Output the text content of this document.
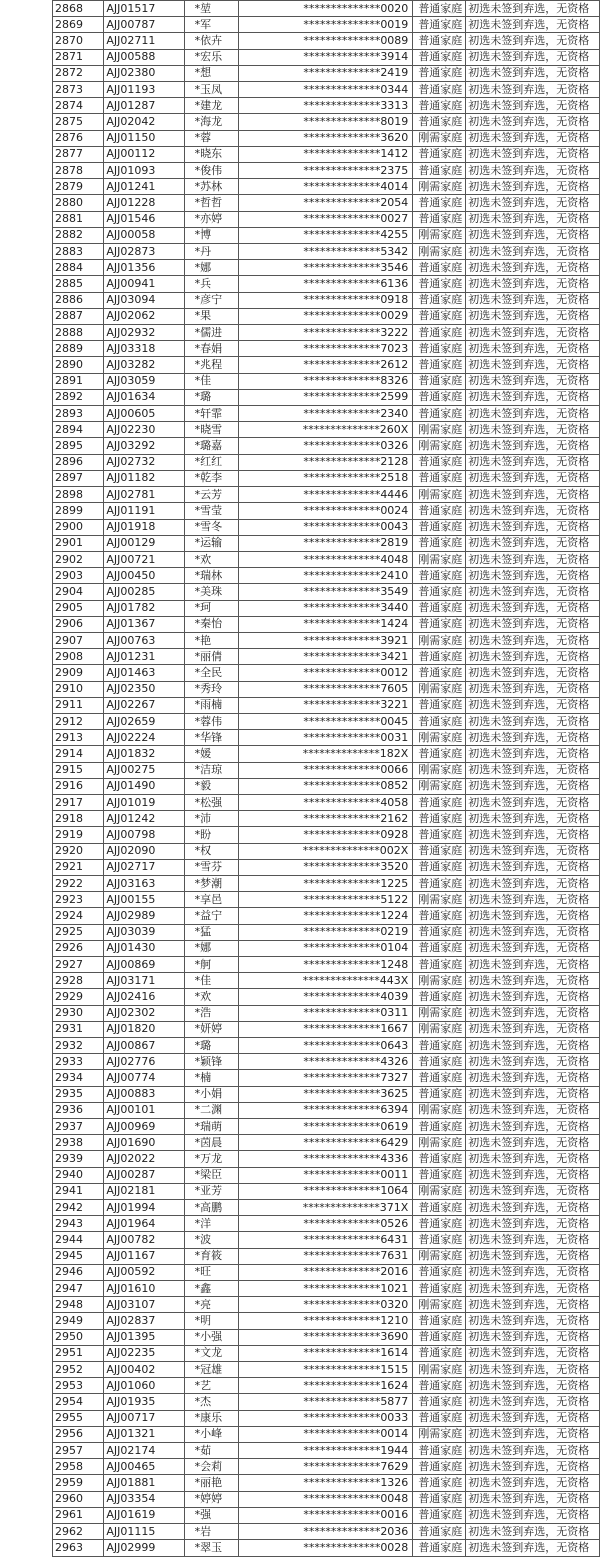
2868	AJJ01517	*堃	**************0020	普通家庭	初选未签到弃选，无资格
2869	AJJ00787	*军	**************0019	普通家庭	初选未签到弃选，无资格
2870	AJJ02711	*依卉	**************0089	普通家庭	初选未签到弃选，无资格
2871	AJJ00588	*宏乐	**************3914	普通家庭	初选未签到弃选，无资格
2872	AJJ02380	*想	**************2419	普通家庭	初选未签到弃选，无资格
2873	AJJ01193	*玉凤	**************0344	普通家庭	初选未签到弃选，无资格
2874	AJJ01287	*建龙	**************3313	普通家庭	初选未签到弃选，无资格
2875	AJJ02042	*海龙	**************8019	普通家庭	初选未签到弃选，无资格
2876	AJJ01150	*蓉	**************3620	刚需家庭	初选未签到弃选，无资格
2877	AJJ00112	*晓东	**************1412	普通家庭	初选未签到弃选，无资格
2878	AJJ01093	*俊伟	**************2375	普通家庭	初选未签到弃选，无资格
2879	AJJ01241	*苏林	**************4014	刚需家庭	初选未签到弃选，无资格
2880	AJJ01228	*哲哲	**************2054	普通家庭	初选未签到弃选，无资格
2881	AJJ01546	*亦婷	**************0027	普通家庭	初选未签到弃选，无资格
2882	AJJ00058	*博	**************4255	刚需家庭	初选未签到弃选，无资格
2883	AJJ02873	*丹	**************5342	刚需家庭	初选未签到弃选，无资格
2884	AJJ01356	*娜	**************3546	普通家庭	初选未签到弃选，无资格
2885	AJJ00941	*兵	**************6136	普通家庭	初选未签到弃选，无资格
2886	AJJ03094	*彦宁	**************0918	普通家庭	初选未签到弃选，无资格
2887	AJJ02062	*果	**************0029	普通家庭	初选未签到弃选，无资格
2888	AJJ02932	*儒进	**************3222	普通家庭	初选未签到弃选，无资格
2889	AJJ03318	*春娟	**************7023	普通家庭	初选未签到弃选，无资格
2890	AJJ03282	*兆程	**************2612	普通家庭	初选未签到弃选，无资格
2891	AJJ03059	*佳	**************8326	普通家庭	初选未签到弃选，无资格
2892	AJJ01634	*璐	**************2599	普通家庭	初选未签到弃选，无资格
2893	AJJ00605	*轩霏	**************2340	普通家庭	初选未签到弃选，无资格
2894	AJJ02230	*晓雪	**************260X	刚需家庭	初选未签到弃选，无资格
2895	AJJ03292	*璐嘉	**************0326	刚需家庭	初选未签到弃选，无资格
2896	AJJ02732	*红红	**************2128	普通家庭	初选未签到弃选，无资格
2897	AJJ01182	*乾李	**************2518	普通家庭	初选未签到弃选，无资格
2898	AJJ02781	*云芳	**************4446	刚需家庭	初选未签到弃选，无资格
2899	AJJ01191	*雪莹	**************0024	普通家庭	初选未签到弃选，无资格
2900	AJJ01918	*雪冬	**************0043	普通家庭	初选未签到弃选，无资格
2901	AJJ00129	*运输	**************2819	普通家庭	初选未签到弃选，无资格
2902	AJJ00721	*欢	**************4048	刚需家庭	初选未签到弃选，无资格
2903	AJJ00450	*瑞林	**************2410	普通家庭	初选未签到弃选，无资格
2904	AJJ00285	*美珠	**************3549	普通家庭	初选未签到弃选，无资格
2905	AJJ01782	*珂	**************3440	普通家庭	初选未签到弃选，无资格
2906	AJJ01367	*秦怡	**************1424	普通家庭	初选未签到弃选，无资格
2907	AJJ00763	*艳	**************3921	刚需家庭	初选未签到弃选，无资格
2908	AJJ01231	*丽倩	**************3421	普通家庭	初选未签到弃选，无资格
2909	AJJ01463	*全民	**************0012	普通家庭	初选未签到弃选，无资格
2910	AJJ02350	*秀玲	**************7605	刚需家庭	初选未签到弃选，无资格
2911	AJJ02267	*雨楠	**************3221	普通家庭	初选未签到弃选，无资格
2912	AJJ02659	*蓉伟	**************0045	普通家庭	初选未签到弃选，无资格
2913	AJJ02224	*华锋	**************0031	刚需家庭	初选未签到弃选，无资格
2914	AJJ01832	*媛	**************182X	普通家庭	初选未签到弃选，无资格
2915	AJJ00275	*洁琼	**************0066	刚需家庭	初选未签到弃选，无资格
2916	AJJ01490	*毅	**************0852	刚需家庭	初选未签到弃选，无资格
2917	AJJ01019	*松强	**************4058	普通家庭	初选未签到弃选，无资格
2918	AJJ01242	*沛	**************2162	普通家庭	初选未签到弃选，无资格
2919	AJJ00798	*盼	**************0928	普通家庭	初选未签到弃选，无资格
2920	AJJ02090	*权	**************002X	普通家庭	初选未签到弃选，无资格
2921	AJJ02717	*雪芬	**************3520	普通家庭	初选未签到弃选，无资格
2922	AJJ03163	*梦潮	**************1225	普通家庭	初选未签到弃选，无资格
2923	AJJ00155	*享邑	**************5122	刚需家庭	初选未签到弃选，无资格
2924	AJJ02989	*益宁	**************1224	普通家庭	初选未签到弃选，无资格
2925	AJJ03039	*猛	**************0219	普通家庭	初选未签到弃选，无资格
2926	AJJ01430	*娜	**************0104	普通家庭	初选未签到弃选，无资格
2927	AJJ00869	*舸	**************1248	普通家庭	初选未签到弃选，无资格
2928	AJJ03171	*佳	**************443X	刚需家庭	初选未签到弃选，无资格
2929	AJJ02416	*欢	**************4039	普通家庭	初选未签到弃选，无资格
2930	AJJ02302	*浩	**************0311	刚需家庭	初选未签到弃选，无资格
2931	AJJ01820	*妍婷	**************1667	刚需家庭	初选未签到弃选，无资格
2932	AJJ00867	*璐	**************0643	普通家庭	初选未签到弃选，无资格
2933	AJJ02776	*颖锋	**************4326	普通家庭	初选未签到弃选，无资格
2934	AJJ00774	*楠	**************7327	普通家庭	初选未签到弃选，无资格
2935	AJJ00883	*小娟	**************3625	普通家庭	初选未签到弃选，无资格
2936	AJJ00101	*二渊	**************6394	刚需家庭	初选未签到弃选，无资格
2937	AJJ00969	*瑞萌	**************0619	普通家庭	初选未签到弃选，无资格
2938	AJJ01690	*茵晨	**************6429	刚需家庭	初选未签到弃选，无资格
2939	AJJ02022	*万龙	**************4336	普通家庭	初选未签到弃选，无资格
2940	AJJ00287	*梁臣	**************0011	普通家庭	初选未签到弃选，无资格
2941	AJJ02181	*亚芳	**************1064	刚需家庭	初选未签到弃选，无资格
2942	AJJ01994	*高鹏	**************371X	普通家庭	初选未签到弃选，无资格
2943	AJJ01964	*洋	**************0526	普通家庭	初选未签到弃选，无资格
2944	AJJ00782	*波	**************6431	普通家庭	初选未签到弃选，无资格
2945	AJJ01167	*育筱	**************7631	刚需家庭	初选未签到弃选，无资格
2946	AJJ00592	*旺	**************2016	普通家庭	初选未签到弃选，无资格
2947	AJJ01610	*鑫	**************1021	普通家庭	初选未签到弃选，无资格
2948	AJJ03107	*亮	**************0320	刚需家庭	初选未签到弃选，无资格
2949	AJJ02837	*明	**************1210	普通家庭	初选未签到弃选，无资格
2950	AJJ01395	*小强	**************3690	普通家庭	初选未签到弃选，无资格
2951	AJJ02235	*文龙	**************1614	普通家庭	初选未签到弃选，无资格
2952	AJJ00402	*冠雄	**************1515	刚需家庭	初选未签到弃选，无资格
2953	AJJ01060	*艺	**************1624	普通家庭	初选未签到弃选，无资格
2954	AJJ01935	*杰	**************5877	普通家庭	初选未签到弃选，无资格
2955	AJJ00717	*康乐	**************0033	普通家庭	初选未签到弃选，无资格
2956	AJJ01321	*小峰	**************0014	刚需家庭	初选未签到弃选，无资格
2957	AJJ02174	*茹	**************1944	普通家庭	初选未签到弃选，无资格
2958	AJJ00465	*会莉	**************7629	普通家庭	初选未签到弃选，无资格
2959	AJJ01881	*丽艳	**************1326	普通家庭	初选未签到弃选，无资格
2960	AJJ03354	*婷婷	**************0048	普通家庭	初选未签到弃选，无资格
2961	AJJ01619	*强	**************0016	普通家庭	初选未签到弃选，无资格
2962	AJJ01115	*岩	**************2036	普通家庭	初选未签到弃选，无资格
2963	AJJ02999	*翠玉	**************0028	普通家庭	初选未签到弃选，无资格
